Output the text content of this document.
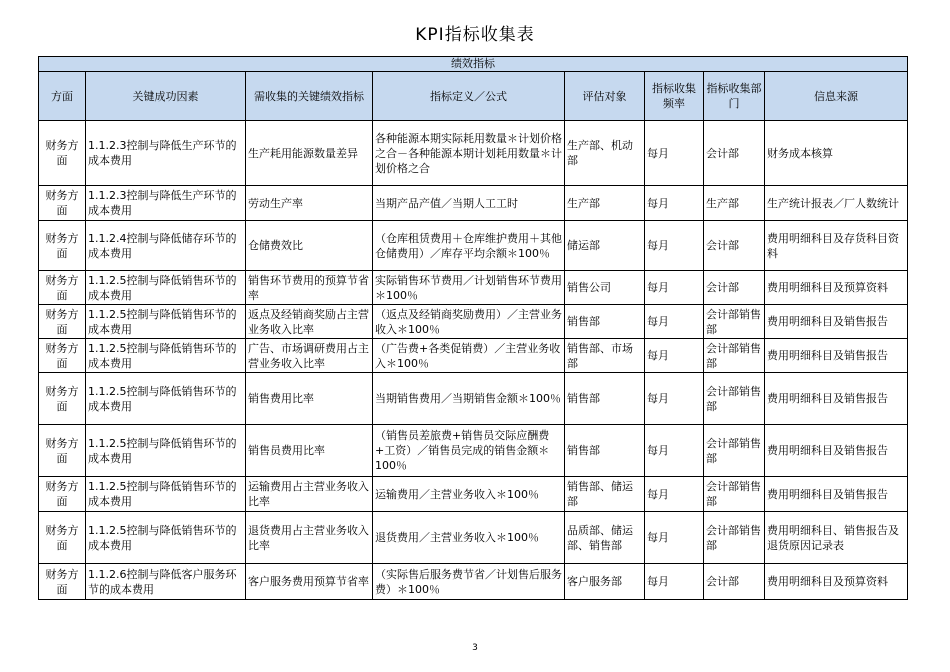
KPI指标收集表
绩效指标							
方面	关键成功因素	需收集的关键绩效指标	指标定义／公式	评估对象	指标收集频率	指标收集部门	信息来源
财务方面	1.1.2.3控制与降低生产环节的成本费用	生产耗用能源数量差异	各种能源本期实际耗用数量＊计划价格之合－各种能源本期计划耗用数量＊计划价格之合	生产部、机动部	每月	会计部	财务成本核算
财务方面	1.1.2.3控制与降低生产环节的成本费用	劳动生产率	当期产品产值／当期人工工时	生产部	每月	生产部	生产统计报表／厂人数统计
财务方面	1.1.2.4控制与降低储存环节的成本费用	仓储费效比	（仓库租赁费用＋仓库维护费用＋其他仓储费用）／库存平均余额＊100％	储运部	每月	会计部	费用明细科目及存货科目资料
财务方面	1.1.2.5控制与降低销售环节的成本费用	销售环节费用的预算节省率	实际销售环节费用／计划销售环节费用＊100％	销售公司	每月	会计部	费用明细科目及预算资料
财务方面	1.1.2.5控制与降低销售环节的成本费用	返点及经销商奖励占主营业务收入比率	（返点及经销商奖励费用）／主营业务收入＊100％	销售部	每月	会计部销售部	费用明细科目及销售报告
财务方面	1.1.2.5控制与降低销售环节的成本费用	广告、市场调研费用占主营业务收入比率	（广告费+各类促销费）／主营业务收入＊100％	销售部、市场部	每月	会计部销售部	费用明细科目及销售报告
财务方面	1.1.2.5控制与降低销售环节的成本费用	销售费用比率	当期销售费用／当期销售金额＊100％	销售部	每月	会计部销售部	费用明细科目及销售报告
财务方面	1.1.2.5控制与降低销售环节的成本费用	销售员费用比率	（销售员差旅费+销售员交际应酬费+工资）／销售员完成的销售金额＊100％	销售部	每月	会计部销售部	费用明细科目及销售报告
财务方面	1.1.2.5控制与降低销售环节的成本费用	运输费用占主营业务收入比率	运输费用／主营业务收入＊100％	销售部、储运部	每月	会计部销售部	费用明细科目及销售报告
财务方面	1.1.2.5控制与降低销售环节的成本费用	退货费用占主营业务收入比率	退货费用／主营业务收入＊100％	品质部、储运部、销售部	每月	会计部销售部	费用明细科目、销售报告及退货原因记录表
财务方面	1.1.2.6控制与降低客户服务环节的成本费用	客户服务费用预算节省率	（实际售后服务费节省／计划售后服务费）＊100％	客户服务部	每月	会计部	费用明细科目及预算资料
3
